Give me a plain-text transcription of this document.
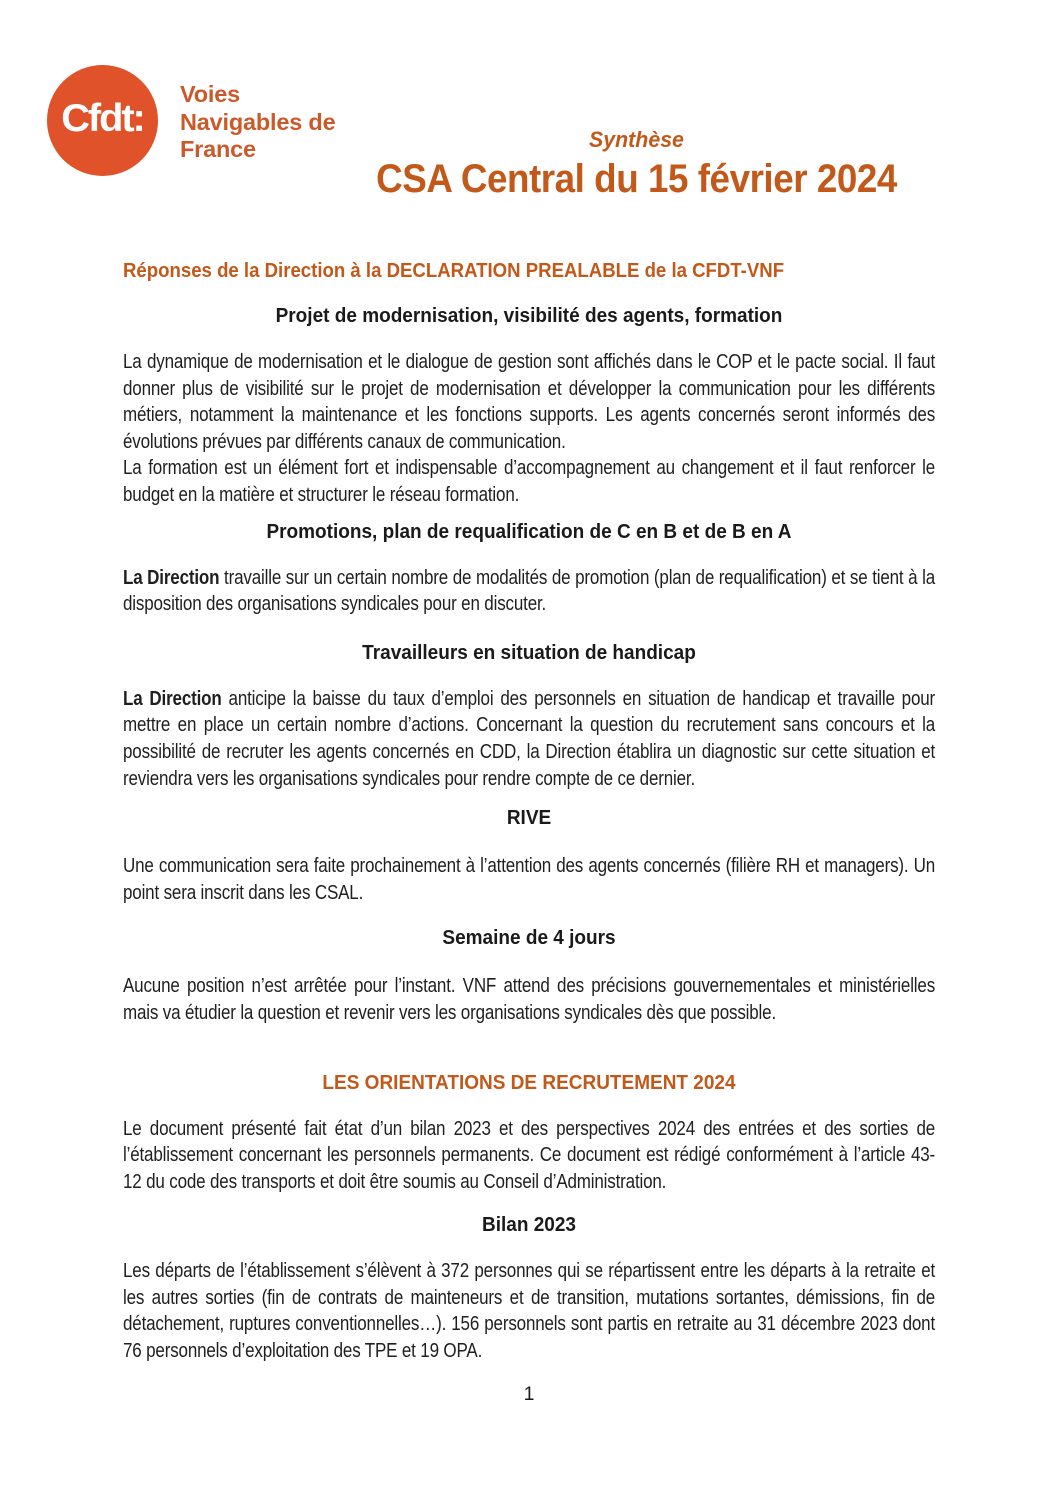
Cfdt:
Voies
Navigables de
France	Synthèse
CSA Central du 15 février 2024
Réponses de la Direction à la DECLARATION PREALABLE de la CFDT-VNF
Projet de modernisation, visibilité des agents, formation
La dynamique de modernisation et le dialogue de gestion sont affichés dans le COP et le pacte social. Il faut donner plus de visibilité sur le projet de modernisation et développer la communication pour les différents métiers, notamment la maintenance et les fonctions supports. Les agents concernés seront informés des évolutions prévues par différents canaux de communication.
La formation est un élément fort et indispensable d’accompagnement au changement et il faut renforcer le budget en la matière et structurer le réseau formation.
Promotions, plan de requalification de C en B et de B en A
La Direction travaille sur un certain nombre de modalités de promotion (plan de requalification) et se tient à la disposition des organisations syndicales pour en discuter.
Travailleurs en situation de handicap
La Direction anticipe la baisse du taux d’emploi des personnels en situation de handicap et travaille pour mettre en place un certain nombre d’actions. Concernant la question du recrutement sans concours et la possibilité de recruter les agents concernés en CDD, la Direction établira un diagnostic sur cette situation et reviendra vers les organisations syndicales pour rendre compte de ce dernier.
RIVE
Une communication sera faite prochainement à l’attention des agents concernés (filière RH et managers). Un point sera inscrit dans les CSAL.
Semaine de 4 jours
Aucune position n’est arrêtée pour l’instant. VNF attend des précisions gouvernementales et ministérielles mais va étudier la question et revenir vers les organisations syndicales dès que possible.
LES ORIENTATIONS DE RECRUTEMENT 2024
Le document présenté fait état d’un bilan 2023 et des perspectives 2024 des entrées et des sorties de l’établissement concernant les personnels permanents. Ce document est rédigé conformément à l’article 43-12 du code des transports et doit être soumis au Conseil d’Administration.
Bilan 2023
Les départs de l’établissement s’élèvent à 372 personnes qui se répartissent entre les départs à la retraite et les autres sorties (fin de contrats de mainteneurs et de transition, mutations sortantes, démissions, fin de détachement, ruptures conventionnelles…). 156 personnels sont partis en retraite au 31 décembre 2023 dont 76 personnels d’exploitation des TPE et 19 OPA.
1
